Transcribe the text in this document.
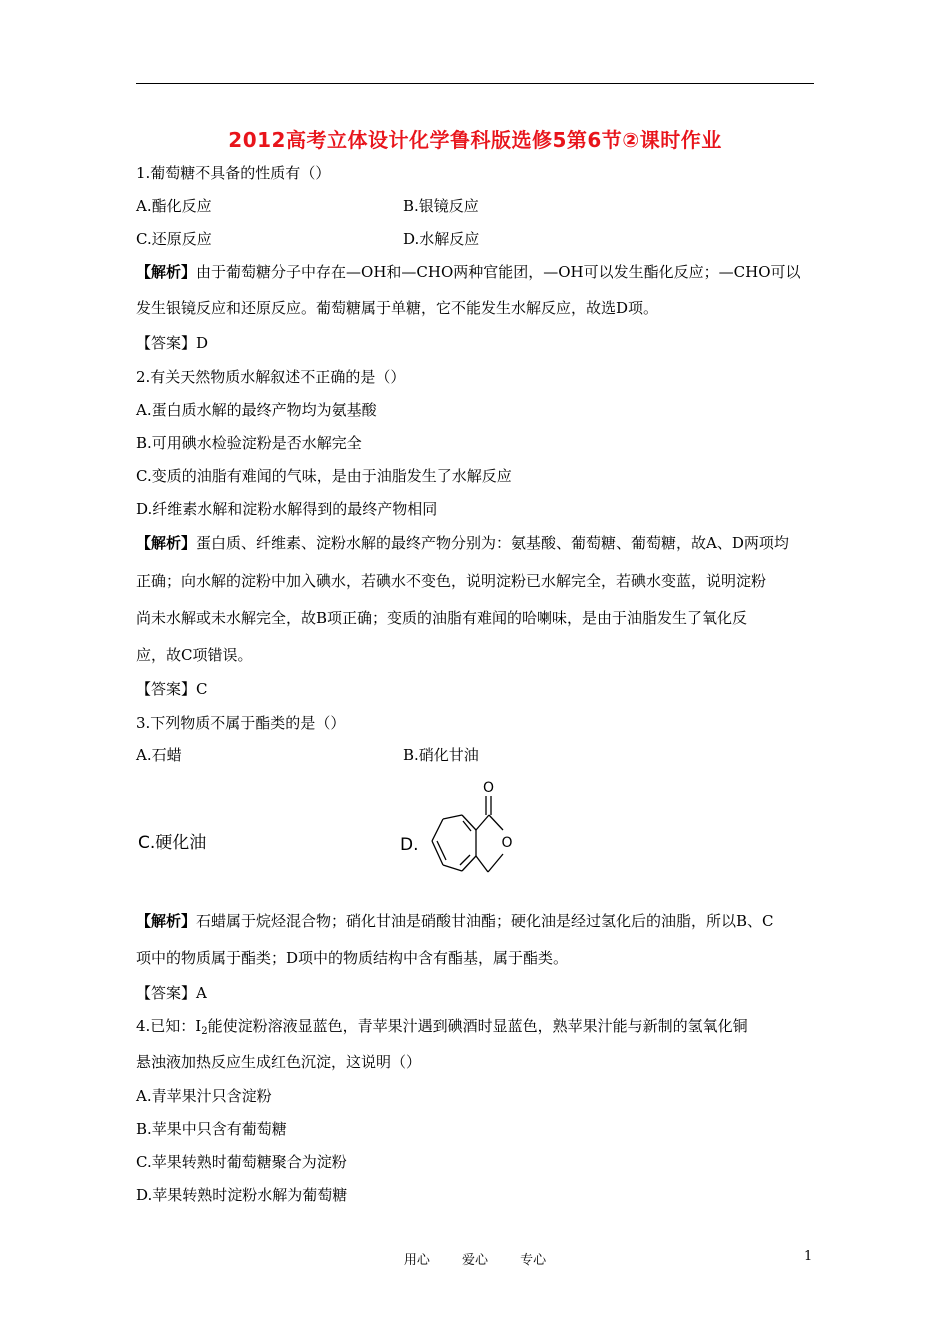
2012高考立体设计化学鲁科版选修5第6节②课时作业
1.葡萄糖不具备的性质有（）
A.酯化反应	B.银镜反应
C.还原反应	D.水解反应
【解析】由于葡萄糖分子中存在—OH和—CHO两种官能团，—OH可以发生酯化反应；—CHO可以
发生银镜反应和还原反应。葡萄糖属于单糖，它不能发生水解反应，故选D项。
【答案】D
2.有关天然物质水解叙述不正确的是（）
A.蛋白质水解的最终产物均为氨基酸
B.可用碘水检验淀粉是否水解完全
C.变质的油脂有难闻的气味，是由于油脂发生了水解反应
D.纤维素水解和淀粉水解得到的最终产物相同
【解析】蛋白质、纤维素、淀粉水解的最终产物分别为：氨基酸、葡萄糖、葡萄糖，故A、D两项均
正确；向水解的淀粉中加入碘水，若碘水不变色，说明淀粉已水解完全，若碘水变蓝，说明淀粉
尚未水解或未水解完全，故B项正确；变质的油脂有难闻的哈喇味，是由于油脂发生了氧化反
应，故C项错误。
【答案】C
3.下列物质不属于酯类的是（）
A.石蜡	B.硝化甘油
C.硬化油	D.
O
O
【解析】石蜡属于烷烃混合物；硝化甘油是硝酸甘油酯；硬化油是经过氢化后的油脂，所以B、C
项中的物质属于酯类；D项中的物质结构中含有酯基，属于酯类。
【答案】A
4.已知：$I_2$能使淀粉溶液显蓝色，青苹果汁遇到碘酒时显蓝色，熟苹果汁能与新制的氢氧化铜
悬浊液加热反应生成红色沉淀，这说明（）
A.青苹果汁只含淀粉
B.苹果中只含有葡萄糖
C.苹果转熟时葡萄糖聚合为淀粉
D.苹果转熟时淀粉水解为葡萄糖
用心 爱心 专心	1
